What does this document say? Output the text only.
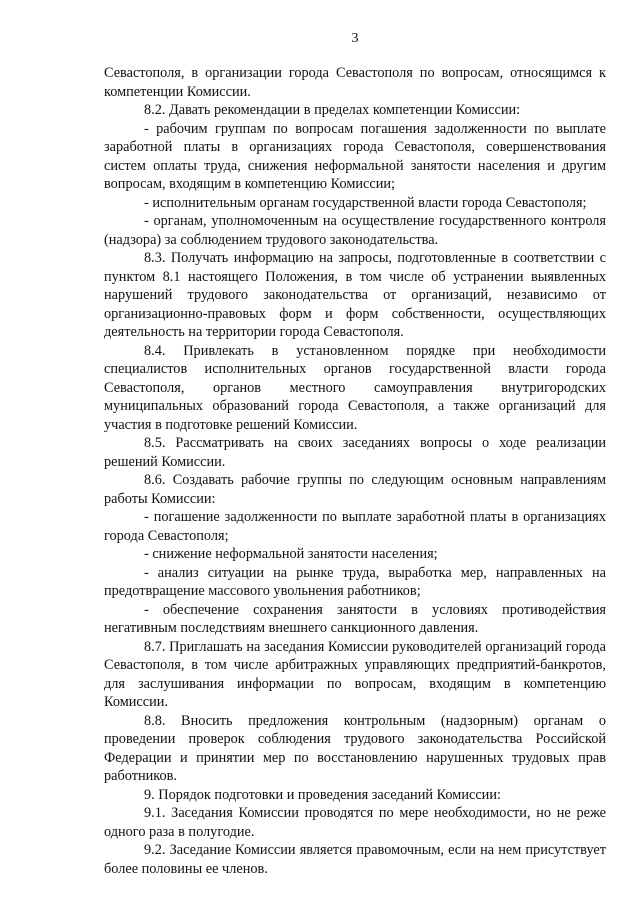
3

Севастополя, в организации города Севастополя по вопросам, относящимся к компетенции Комиссии.

8.2. Давать рекомендации в пределах компетенции Комиссии:

- рабочим группам по вопросам погашения задолженности по выплате заработной платы в организациях города Севастополя, совершенствования систем оплаты труда, снижения неформальной занятости населения и другим вопросам, входящим в компетенцию Комиссии;

- исполнительным органам государственной власти города Севастополя;

- органам, уполномоченным на осуществление государственного контроля (надзора) за соблюдением трудового законодательства.

8.3. Получать информацию на запросы, подготовленные в соответствии с пунктом 8.1 настоящего Положения, в том числе об устранении выявленных нарушений трудового законодательства от организаций, независимо от организационно-правовых форм и форм собственности, осуществляющих деятельность на территории города Севастополя.

8.4. Привлекать в установленном порядке при необходимости специалистов исполнительных органов государственной власти города Севастополя, органов местного самоуправления внутригородских муниципальных образований города Севастополя, а также организаций для участия в подготовке решений Комиссии.

8.5. Рассматривать на своих заседаниях вопросы о ходе реализации решений Комиссии.

8.6. Создавать рабочие группы по следующим основным направлениям работы Комиссии:

- погашение задолженности по выплате заработной платы в организациях города Севастополя;

- снижение неформальной занятости населения;

- анализ ситуации на рынке труда, выработка мер, направленных на предотвращение массового увольнения работников;

- обеспечение сохранения занятости в условиях противодействия негативным последствиям внешнего санкционного давления.

8.7. Приглашать на заседания Комиссии руководителей организаций города Севастополя, в том числе арбитражных управляющих предприятий-банкротов, для заслушивания информации по вопросам, входящим в компетенцию Комиссии.

8.8. Вносить предложения контрольным (надзорным) органам о проведении проверок соблюдения трудового законодательства Российской Федерации и принятии мер по восстановлению нарушенных трудовых прав работников.

9. Порядок подготовки и проведения заседаний Комиссии:

9.1. Заседания Комиссии проводятся по мере необходимости, но не реже одного раза в полугодие.

9.2. Заседание Комиссии является правомочным, если на нем присутствует более половины ее членов.
